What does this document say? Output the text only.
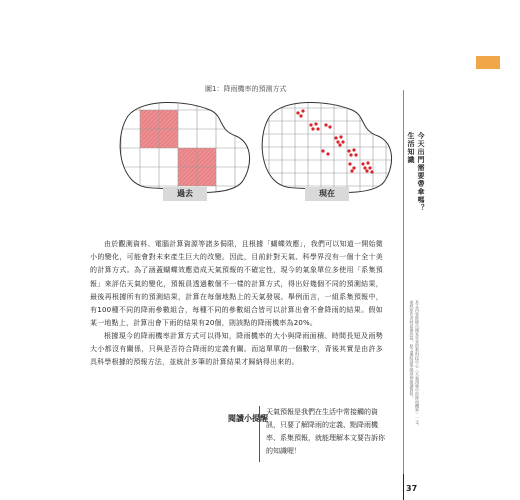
圖1：降雨機率的預測方式
過去	現在

由於觀測資料、電腦計算資源等諸多侷限，且根據「蝴蝶效應」，我們可以知道一開始微小的變化，可能會對未來產生巨大的改變。因此，目前針對天氣、科學界沒有一個十全十美的計算方式。為了涵蓋蝴蝶效應造成天氣預報的不確定性，現今的氣象單位多使用「系集預報」來評估天氣的變化，預報員透過數個不一樣的計算方式，得出好幾個不同的預測結果，最後再根據所有的預測結果，計算在每個地點上的天氣發展。舉例而言，一組系集預報中，有100種不同的降雨參數組合，每種不同的參數組合皆可以計算出會不會降雨的結果。假如某一地點上，計算出會下雨的結果有20個，則該點的降雨機率為20%。

根據現今的降雨機率計算方式可以得知，降雨機率的大小與降雨面積、時間長短及雨勢大小都沒有關係，只與是否符合降雨的定義有關。而這單單的一個數字，背後其實是由許多具科學根據的預報方法，並統計多筆的計算結果才歸納得出來的。

閱讀小提醒
天氣預報是我們在生活中常接觸的資訊，只要了解降雨的定義、點降雨機率、系集預報，就能理解本文要告訴你的知識喔！
生活知識 今天出門需要帶傘嗎？
本文內容節錄自國家災害防救科技中心〈天氣預報中的降雨機率〉一文，
並經原作者同意後改寫。原文連結請參閱延伸閱讀資料。
37
